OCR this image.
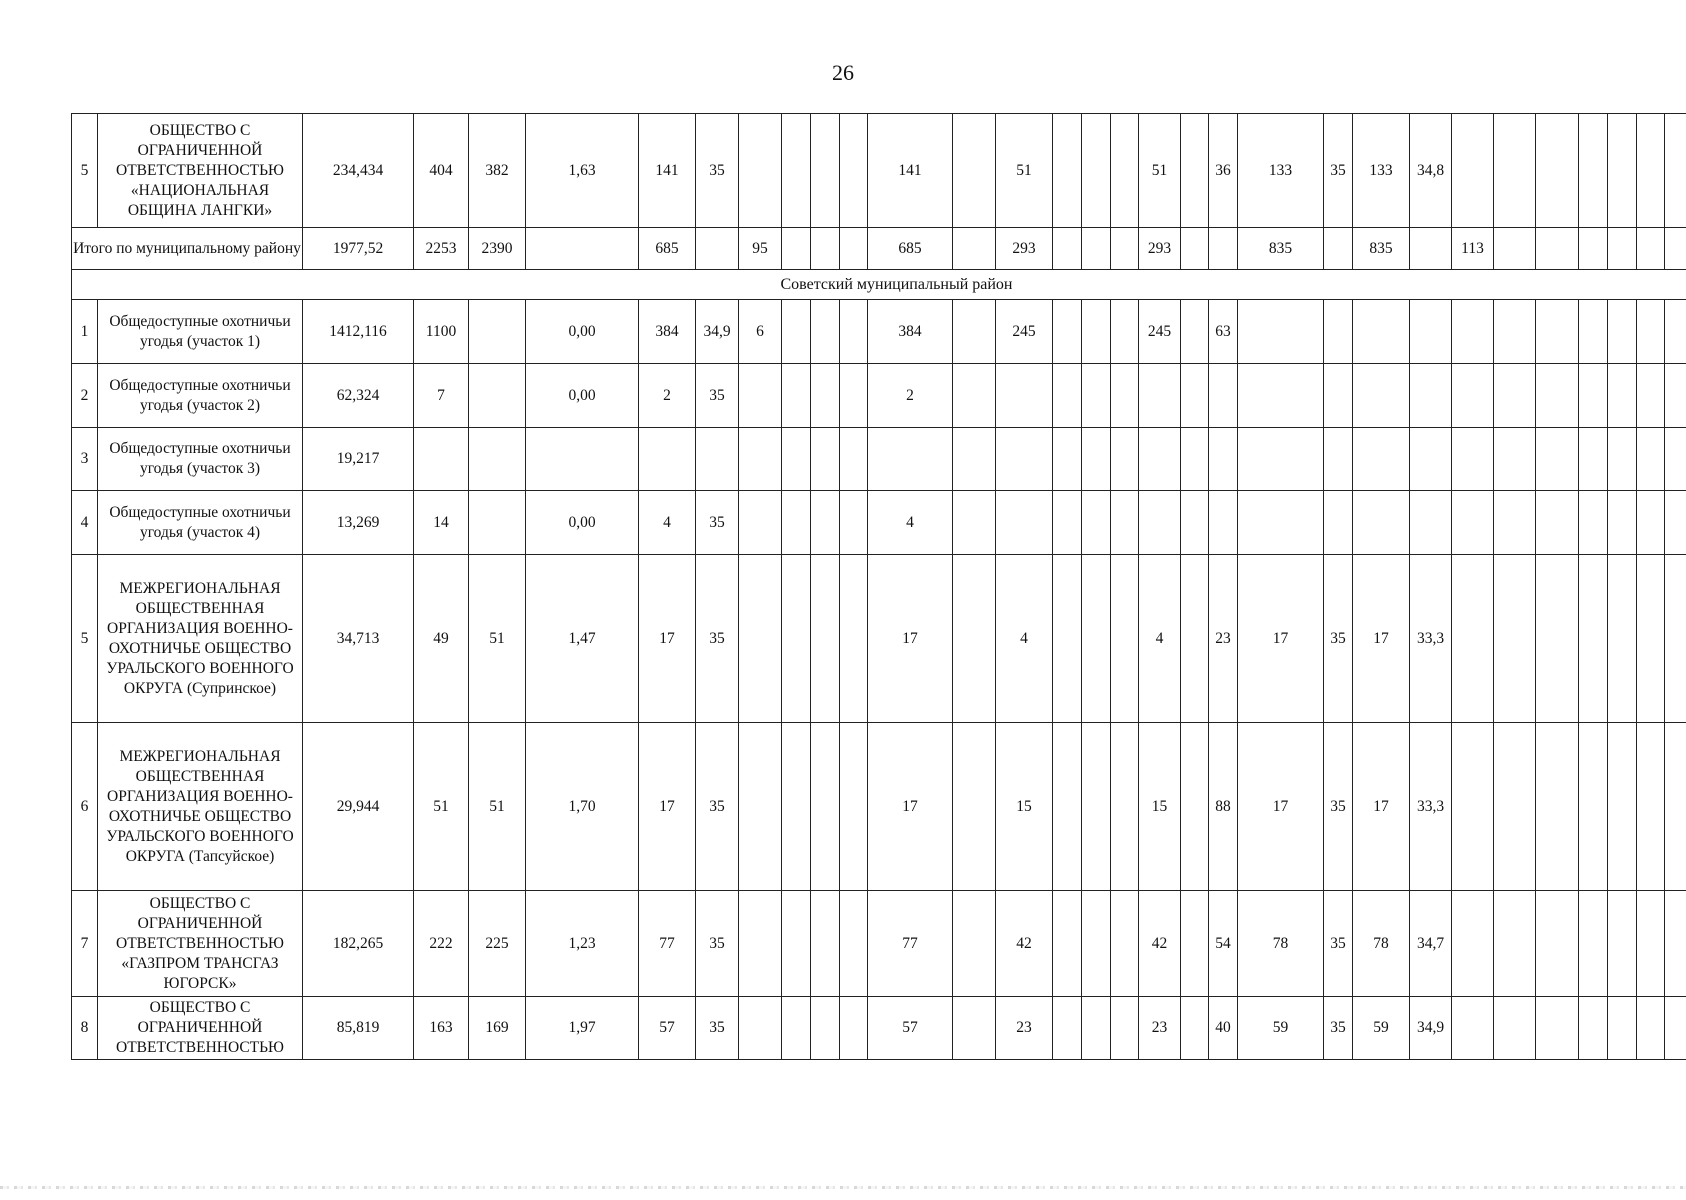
26
5	ОБЩЕСТВО С ОГРАНИЧЕННОЙ ОТВЕТСТВЕННОСТЬЮ «НАЦИОНАЛЬНАЯ ОБЩИНА ЛАНГКИ»	234,434	404	382	1,63	141	35					141		51				51		36	133	35	133	34,8								
Итого по муниципальному району		1977,52	2253	2390		685		95				685		293				293			835		835		113							
Советский муниципальный район																																
1	Общедоступные охотничьи угодья (участок 1)	1412,116	1100		0,00	384	34,9	6				384		245				245		63												
2	Общедоступные охотничьи угодья (участок 2)	62,324	7		0,00	2	35					2																				
3	Общедоступные охотничьи угодья (участок 3)	19,217																														
4	Общедоступные охотничьи угодья (участок 4)	13,269	14		0,00	4	35					4																				
5	МЕЖРЕГИОНАЛЬНАЯ ОБЩЕСТВЕННАЯ ОРГАНИЗАЦИЯ ВОЕННО-ОХОТНИЧЬЕ ОБЩЕСТВО УРАЛЬСКОГО ВОЕННОГО ОКРУГА (Супринское)	34,713	49	51	1,47	17	35					17		4				4		23	17	35	17	33,3								
6	МЕЖРЕГИОНАЛЬНАЯ ОБЩЕСТВЕННАЯ ОРГАНИЗАЦИЯ ВОЕННО-ОХОТНИЧЬЕ ОБЩЕСТВО УРАЛЬСКОГО ВОЕННОГО ОКРУГА (Тапсуйское)	29,944	51	51	1,70	17	35					17		15				15		88	17	35	17	33,3								
7	ОБЩЕСТВО С ОГРАНИЧЕННОЙ ОТВЕТСТВЕННОСТЬЮ «ГАЗПРОМ ТРАНСГАЗ ЮГОРСК»	182,265	222	225	1,23	77	35					77		42				42		54	78	35	78	34,7								
8	ОБЩЕСТВО С ОГРАНИЧЕННОЙ ОТВЕТСТВЕННОСТЬЮ	85,819	163	169	1,97	57	35					57		23				23		40	59	35	59	34,9								
